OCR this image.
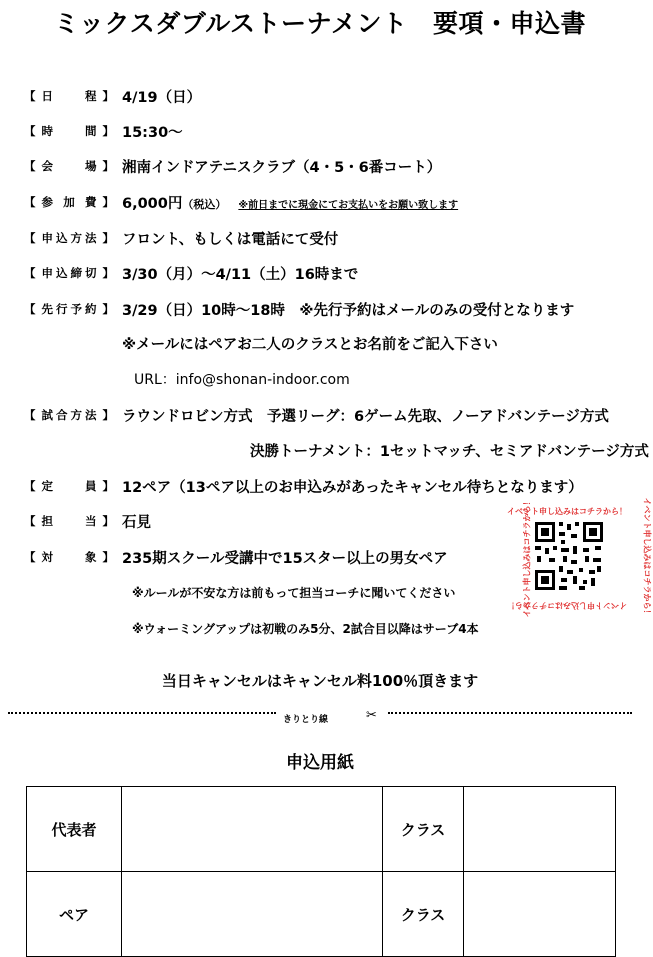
ミックスダブルストーナメント　要項・申込書
【 日	程 】 4/19（日）
【 時	間 】 15:30〜
【 会	場 】 湘南インドアテニスクラブ（4・5・6番コート）
【 参 加 費 】 6,000円（税込） ※前日までに現金にてお支払いをお願い致します
【 申 込 方 法 】 フロント、もしくは電話にて受付
【 申 込 締 切 】 3/30（月）〜4/11（土）16時まで
【 先 行 予 約 】 3/29（日）10時〜18時　※先行予約はメールのみの受付となります
【 試 合 方 法 】 ラウンドロビン方式　予選リーグ：6ゲーム先取、ノーアドバンテージ方式
【 定	員 】 12ペア（13ペア以上のお申込みがあったキャンセル待ちとなります）
【 担	当 】 石見
【 対	象 】 235期スクール受講中で15スター以上の男女ペア
※メールにはペアお二人のクラスとお名前をご記入下さい
URL：info@shonan-indoor.com
決勝トーナメント：1セットマッチ、セミアドバンテージ方式
※ルールが不安な方は前もって担当コーチに聞いてください
※ウォーミングアップは初戦のみ5分、2試合目以降はサーブ4本
イベント申し込みはコチラから！
イベント申し込みはコチラから！
イベント申し込みはコチラから！	イベント申し込みはコチラから！
当日キャンセルはキャンセル料100％頂きます
きりとり線	✂
申込用紙
代表者		クラス	
ペア		クラス	
